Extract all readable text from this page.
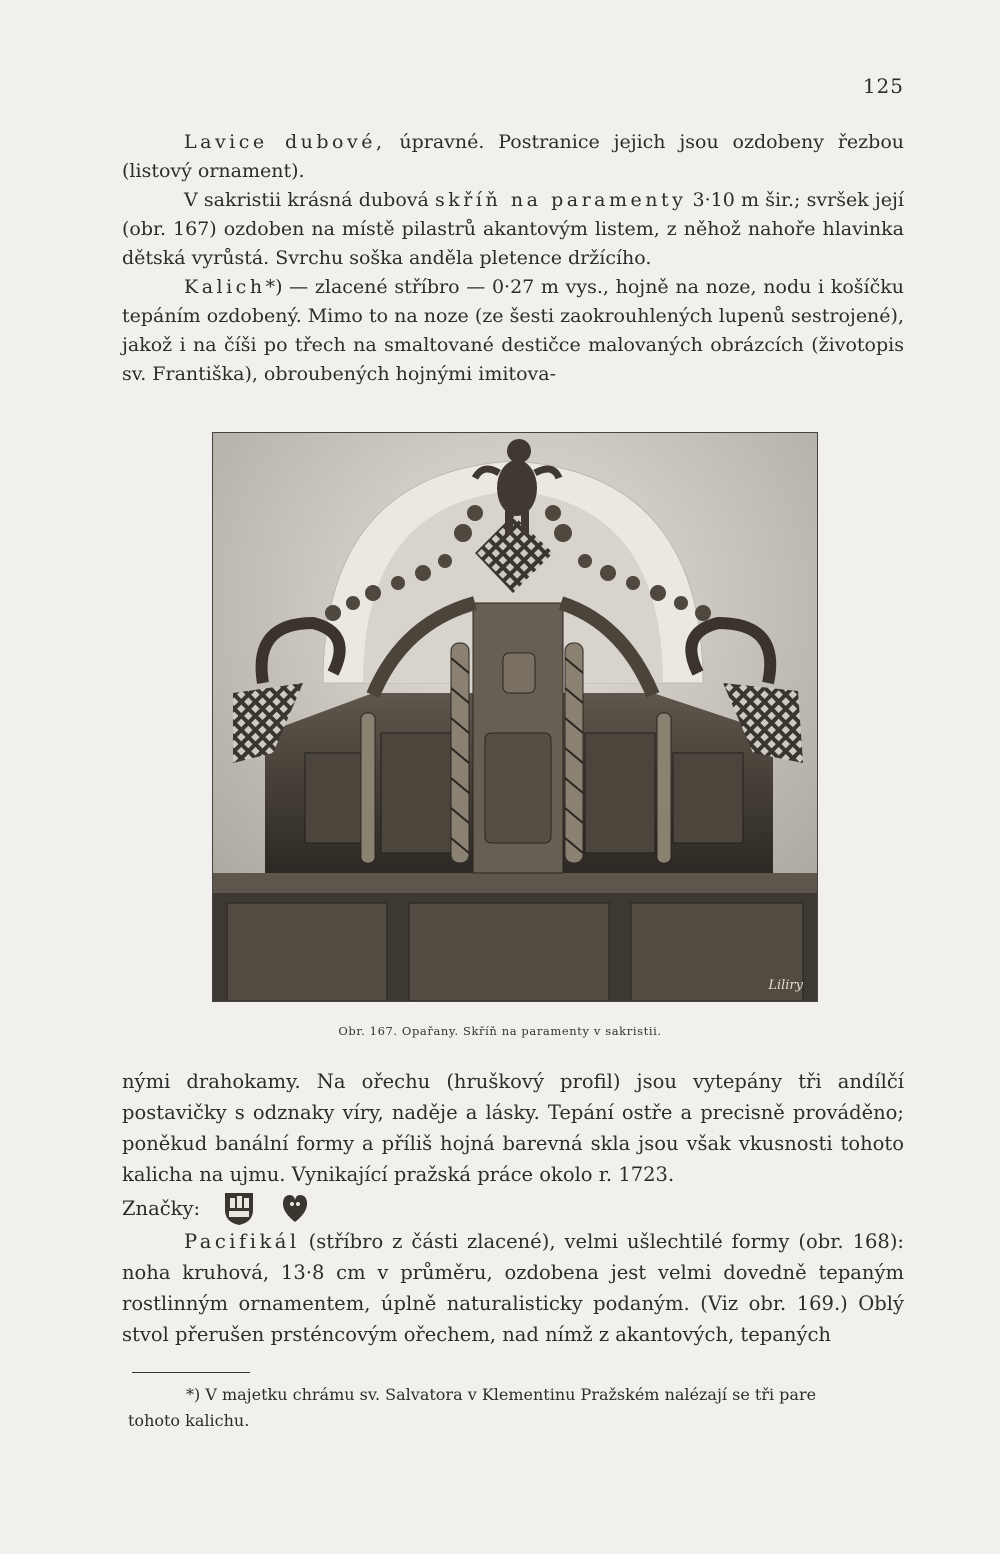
125

Lavice dubové, úpravné. Postranice jejich jsou ozdobeny řezbou (listový ornament).

V sakristii krásná dubová skříň na paramenty 3·10 m šir.; svršek její (obr. 167) ozdoben na místě pilastrů akantovým listem, z něhož nahoře hlavinka dětská vyrůstá. Svrchu soška anděla pletence držícího.

Kalich*) — zlacené stříbro — 0·27 m vys., hojně na noze, nodu i košíčku tepáním ozdobený. Mimo to na noze (ze šesti zaokrouhlených lupenů sestrojené), jakož i na číši po třech na smaltované destičce malovaných obrázcích (životopis sv. Františka), obroubených hojnými imitova-

Liliry
Obr. 167. Opařany. Skříň na paramenty v sakristii.

nými drahokamy. Na ořechu (hruškový profil) jsou vytepány tři andílčí postavičky s odznaky víry, naděje a lásky. Tepání ostře a precisně prováděno; poněkud banální formy a příliš hojná barevná skla jsou však vkusnosti tohoto kalicha na ujmu. Vynikající pražská práce okolo r. 1723.

Značky:

Pacifikál (stříbro z části zlacené), velmi ušlechtilé formy (obr. 168): noha kruhová, 13·8 cm v průměru, ozdobena jest velmi dovedně tepaným rostlinným ornamentem, úplně naturalisticky podaným. (Viz obr. 169.) Oblý stvol přerušen prsténcovým ořechem, nad nímž z akantových, tepaných

*) V majetku chrámu sv. Salvatora v Klementinu Pražském nalézají se tři pare

tohoto kalichu.
